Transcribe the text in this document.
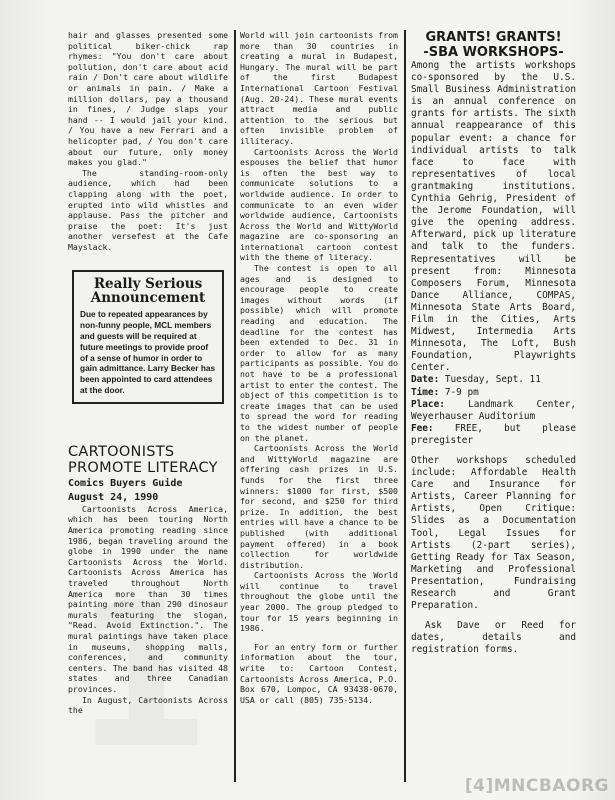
hair and glasses presented some political biker-chick rap rhymes: "You don't care about pollution, don't care about acid rain / Don't care about wildlife or animals in pain. / Make a million dollars, pay a thousand in fines, / Judge slaps your hand -- I would jail your kind. / You have a new Ferrari and a helicopter pad, / You don't care about our future, only money makes you glad."

The standing-room-only audience, which had been clapping along with the poet, erupted into wild whistles and applause. Pass the pitcher and praise the poet: It's just another versefest at the Cafe Mayslack.

Really Serious Announcement
Due to repeated appearances by non-funny people, MCL members and guests will be required at future meetings to provide proof of a sense of humor in order to gain admittance. Larry Becker has been appointed to card attendees at the door.
CARTOONISTS PROMOTE LITERACY
Comics Buyers Guide
August 24, 1990

Cartoonists Across America, which has been touring North America promoting reading since 1986, began traveling around the globe in 1990 under the name Cartoonists Across the World. Cartoonists Across America has traveled throughout North America more than 30 times painting more than 290 dinosaur murals featuring the slogan, "Read. Avoid Extinction.". The mural paintings have taken place in museums, shopping malls, conferences, and community centers. The band has visited 48 states and three Canadian provinces.

In August, Cartoonists Across the

World will join cartoonists from more than 30 countries in creating a mural in Budapest, Hungary. The mural will be part of the first Budapest International Cartoon Festival (Aug. 20-24). These mural events attract media and public attention to the serious but often invisible problem of illiteracy.

Cartoonists Across the World espouses the belief that humor is often the best way to communicate solutions to a worldwide audience. In order to communicate to an even wider worldwide audience, Cartoonists Across the World and WittyWorld magazine are co-sponsoring an international cartoon contest with the theme of literacy.

The contest is open to all ages and is designed to encourage people to create images without words (if possible) which will promote reading and education. The deadline for the contest has been extended to Dec. 31 in order to allow for as many participants as possible. You do not have to be a professional artist to enter the contest. The object of this competition is to create images that can be used to spread the word for reading to the widest number of people on the planet.

Cartoonists Across the World and WittyWorld magazine are offering cash prizes in U.S. funds for the first three winners: $1000 for first, $500 for second, and $250 for third prize. In addition, the best entries will have a chance to be published (with additional payment offered) in a book collection for worldwide distribution.

Cartoonists Across the World will continue to travel throughout the globe until the year 2000. The group pledged to tour for 15 years beginning in 1986.

For an entry form or further information about the tour, write to: Cartoon Contest, Cartoonists Across America, P.O. Box 670, Lompoc, CA 93438-0670, USA or call (805) 735-5134.

GRANTS! GRANTS!
-SBA WORKSHOPS-

Among the artists workshops co-sponsored by the U.S. Small Business Administration is an annual conference on grants for artists. The sixth annual reappearance of this popular event: a chance for individual artists to talk face to face with representatives of local grantmaking institutions. Cynthia Gehrig, President of the Jerome Foundation, will give the opening address. Afterward, pick up literature and talk to the funders. Representatives will be present from: Minnesota Composers Forum, Minnesota Dance Alliance, COMPAS, Minnesota State Arts Board, Film in the Cities, Arts Midwest, Intermedia Arts Minnesota, The Loft, Bush Foundation, Playwrights Center.

Date: Tuesday, Sept. 11
Time: 7-9 pm
Place: Landmark Center, Weyerhauser Auditorium
Fee: FREE, but please preregister

Other workshops scheduled include: Affordable Health Care and Insurance for Artists, Career Planning for Artists, Open Critique: Slides as a Documentation Tool, Legal Issues for Artists (2-part series), Getting Ready for Tax Season, Marketing and Professional Presentation, Fundraising Research and Grant Preparation.

Ask Dave or Reed for dates, details and registration forms.

[4]MNCBAORG
